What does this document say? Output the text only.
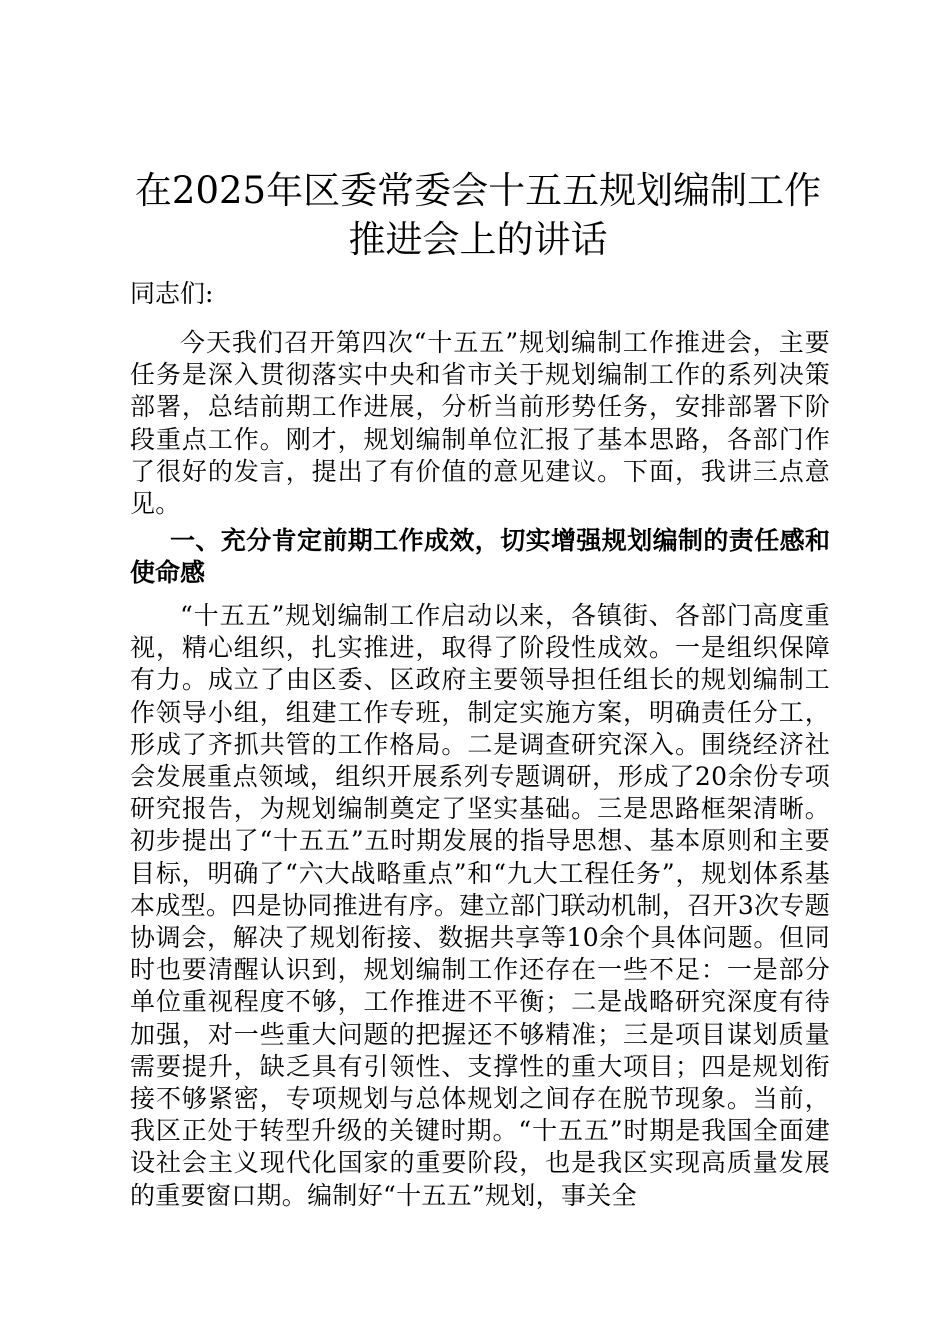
在2025年区委常委会十五五规划编制工作推进会上的讲话

同志们:

今天我们召开第四次“十五五”规划编制工作推进会，主要任务是深入贯彻落实中央和省市关于规划编制工作的系列决策部署，总结前期工作进展，分析当前形势任务，安排部署下阶段重点工作。刚才，规划编制单位汇报了基本思路，各部门作了很好的发言，提出了有价值的意见建议。下面，我讲三点意见。

一、充分肯定前期工作成效，切实增强规划编制的责任感和使命感

“十五五”规划编制工作启动以来，各镇街、各部门高度重视，精心组织，扎实推进，取得了阶段性成效。一是组织保障有力。成立了由区委、区政府主要领导担任组长的规划编制工作领导小组，组建工作专班，制定实施方案，明确责任分工，形成了齐抓共管的工作格局。二是调查研究深入。围绕经济社会发展重点领域，组织开展系列专题调研，形成了20余份专项研究报告，为规划编制奠定了坚实基础。三是思路框架清晰。初步提出了“十五五”五时期发展的指导思想、基本原则和主要目标，明确了“六大战略重点”和“九大工程任务”，规划体系基本成型。四是协同推进有序。建立部门联动机制，召开3次专题协调会，解决了规划衔接、数据共享等10余个具体问题。但同时也要清醒认识到，规划编制工作还存在一些不足：一是部分单位重视程度不够，工作推进不平衡；二是战略研究深度有待加强，对一些重大问题的把握还不够精准；三是项目谋划质量需要提升，缺乏具有引领性、支撑性的重大项目；四是规划衔接不够紧密，专项规划与总体规划之间存在脱节现象。当前，我区正处于转型升级的关键时期。“十五五”时期是我国全面建设社会主义现代化国家的重要阶段，也是我区实现高质量发展的重要窗口期。编制好“十五五”规划，事关全
